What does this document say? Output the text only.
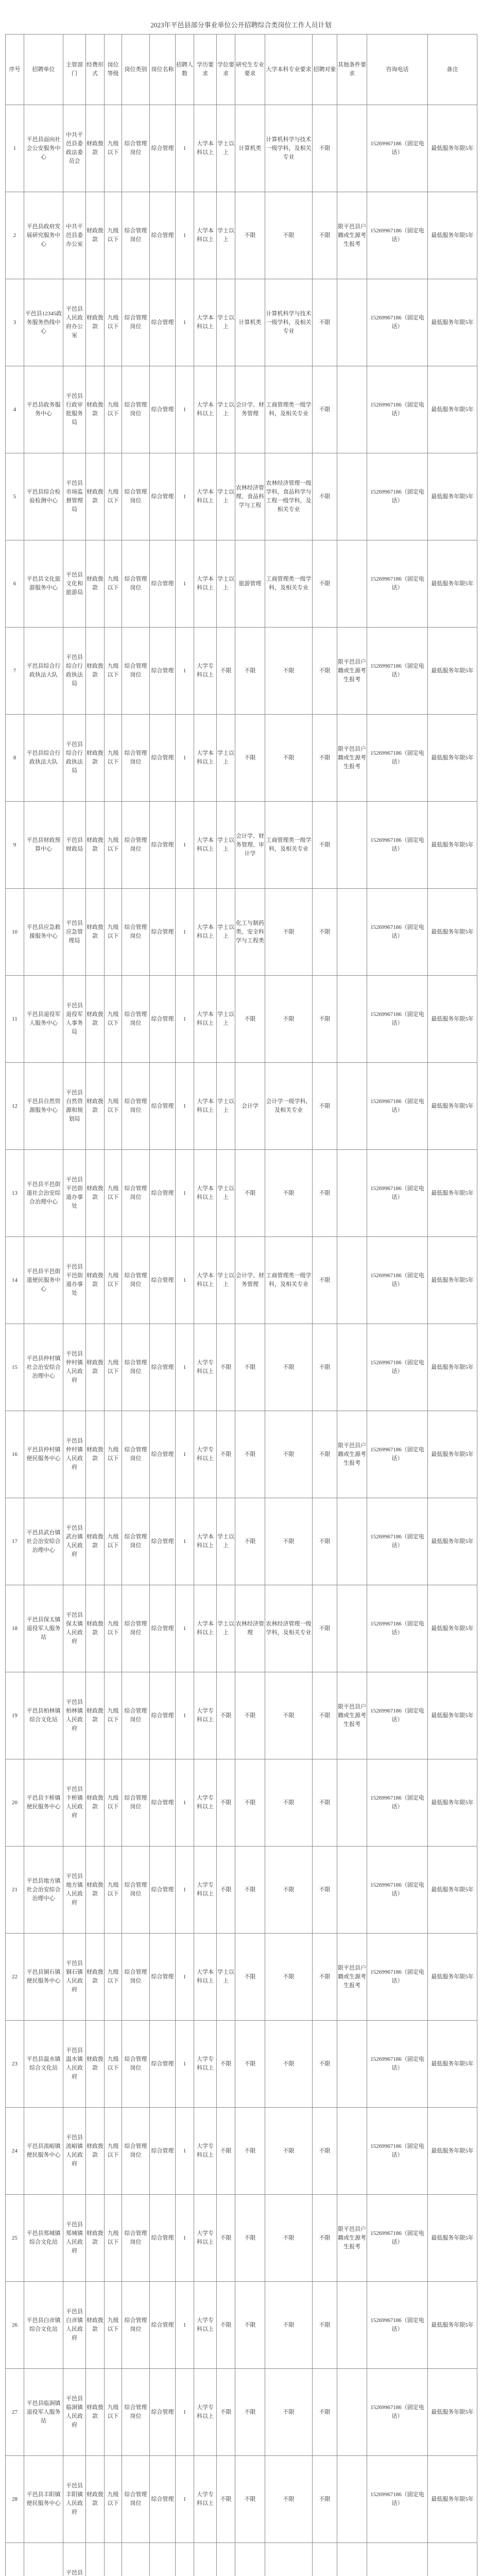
2023年平邑县部分事业单位公开招聘综合类岗位工作人员计划
序号	招聘单位	主管部门	经费形式	岗位等级	岗位类别	岗位名称	招聘人数	学历要求	学位要求	研究生专业要求	大学本科专业要求	招聘对象	其他条件要求	咨询电话	备注
1	平邑县面向社会公安服务中心	中共平邑县委政法委员会	财政拨款	九级以下	综合管理岗位	综合管理	1	大学本科以上	学士以上	计算机类	计算机科学与技术一级学科，及相关专业	不限		15269967186（固定电话）	最低服务年限5年
2	平邑县政府发展研究服务中心	中共平邑县委办公室	财政拨款	九级以下	综合管理岗位	综合管理	1	大学本科以上	学士以上	不限	不限	不限	限平邑县户籍或生源考生报考	15269967186（固定电话）	最低服务年限5年
3	平邑县12345政务服务热线中心	平邑县人民政府办公室	财政拨款	九级以下	综合管理岗位	综合管理	1	大学本科以上	学士以上	计算机类	计算机科学与技术一级学科，及相关专业	不限		15269967186（固定电话）	最低服务年限5年
4	平邑县政务服务中心	平邑县行政审批服务局	财政拨款	九级以下	综合管理岗位	综合管理	1	大学本科以上	学士以上	会计学、财务管理	工商管理类一级学科，及相关专业	不限		15269967186（固定电话）	最低服务年限5年
5	平邑县综合检验检测中心	平邑县市场监督管理局	财政拨款	九级以下	综合管理岗位	综合管理	1	大学本科以上	学士以上	农林经济管理、食品科学与工程	农林经济管理一级学科，食品科学与工程一级学科，及相关专业	不限		15269967186（固定电话）	最低服务年限5年
6	平邑县文化旅游服务中心	平邑县文化和旅游局	财政拨款	九级以下	综合管理岗位	综合管理	1	大学本科以上	学士以上	旅游管理	工商管理类一级学科，及相关专业	不限		15269967186（固定电话）	最低服务年限5年
7	平邑县综合行政执法大队	平邑县综合行政执法局	财政拨款	九级以下	综合管理岗位	综合管理	1	大学专科以上	不限	不限	不限	不限	限平邑县户籍或生源考生报考	15269967186（固定电话）	最低服务年限5年
8	平邑县综合行政执法大队	平邑县综合行政执法局	财政拨款	九级以下	综合管理岗位	综合管理	1	大学本科以上	学士以上	不限	不限	不限	限平邑县户籍或生源考生报考	15269967186（固定电话）	最低服务年限5年
9	平邑县财政预算中心	平邑县财政局	财政拨款	九级以下	综合管理岗位	综合管理	1	大学本科以上	学士以上	会计学、财务管理、审计学	工商管理类一级学科，及相关专业	不限		15269967186（固定电话）	最低服务年限5年
10	平邑县应急救援服务中心	平邑县应急管理局	财政拨款	九级以下	综合管理岗位	综合管理	1	大学本科以上	学士以上	化工与制药类、安全科学与工程类	不限	不限		15269967186（固定电话）	最低服务年限5年
11	平邑县退役军人服务中心	平邑县退役军人事务局	财政拨款	九级以下	综合管理岗位	综合管理	1	大学本科以上	学士以上	不限	不限	不限		15269967186（固定电话）	最低服务年限5年
12	平邑县自然资源服务中心	平邑县自然资源和规划局	财政拨款	九级以下	综合管理岗位	综合管理	1	大学本科以上	学士以上	会计学	会计学一级学科，及相关专业	不限		15269967186（固定电话）	最低服务年限5年
13	平邑县平邑街道社会治安综合治理中心	平邑县平邑街道办事处	财政拨款	九级以下	综合管理岗位	综合管理	1	大学本科以上	学士以上	不限	不限	不限		15269967186（固定电话）	最低服务年限5年
14	平邑县平邑街道便民服务中心	平邑县平邑街道办事处	财政拨款	九级以下	综合管理岗位	综合管理	1	大学本科以上	学士以上	会计学、财务管理	工商管理类一级学科，及相关专业	不限		15269967186（固定电话）	最低服务年限5年
15	平邑县仲村镇社会治安综合治理中心	平邑县仲村镇人民政府	财政拨款	九级以下	综合管理岗位	综合管理	1	大学专科以上	不限	不限	不限	不限		15269967186（固定电话）	最低服务年限5年
16	平邑县仲村镇便民服务中心	平邑县仲村镇人民政府	财政拨款	九级以下	综合管理岗位	综合管理	1	大学专科以上	不限	不限	不限	不限	限平邑县户籍或生源考生报考	15269967186（固定电话）	最低服务年限5年
17	平邑县武台镇社会治安综合治理中心	平邑县武台镇人民政府	财政拨款	九级以下	综合管理岗位	综合管理	1	大学本科以上	学士以上	不限	不限	不限		15269967186（固定电话）	最低服务年限5年
18	平邑县保太镇退役军人服务站	平邑县保太镇人民政府	财政拨款	九级以下	综合管理岗位	综合管理	1	大学本科以上	学士以上	农林经济管理	农林经济管理一级学科，及相关专业	不限		15269967186（固定电话）	最低服务年限5年
19	平邑县柏林镇综合文化站	平邑县柏林镇人民政府	财政拨款	九级以下	综合管理岗位	综合管理	1	大学专科以上	不限	不限	不限	不限	限平邑县户籍或生源考生报考	15269967186（固定电话）	最低服务年限5年
20	平邑县卞桥镇便民服务中心	平邑县卞桥镇人民政府	财政拨款	九级以下	综合管理岗位	综合管理	1	大学专科以上	不限	不限	不限	不限		15269967186（固定电话）	最低服务年限5年
21	平邑县地方镇社会治安综合治理中心	平邑县地方镇人民政府	财政拨款	九级以下	综合管理岗位	综合管理	1	大学专科以上	不限	不限	不限	不限		15269967186（固定电话）	最低服务年限5年
22	平邑县铜石镇便民服务中心	平邑县铜石镇人民政府	财政拨款	九级以下	综合管理岗位	综合管理	1	大学本科以上	学士以上	不限	不限	不限	限平邑县户籍或生源考生报考	15269967186（固定电话）	最低服务年限5年
23	平邑县温水镇综合文化站	平邑县温水镇人民政府	财政拨款	九级以下	综合管理岗位	综合管理	1	大学专科以上	不限	不限	不限	不限		15269967186（固定电话）	最低服务年限5年
24	平邑县流峪镇便民服务中心	平邑县流峪镇人民政府	财政拨款	九级以下	综合管理岗位	综合管理	1	大学专科以上	不限	不限	不限	不限		15269967186（固定电话）	最低服务年限5年
25	平邑县郑城镇综合文化站	平邑县郑城镇人民政府	财政拨款	九级以下	综合管理岗位	综合管理	1	大学专科以上	不限	不限	不限	不限	限平邑县户籍或生源考生报考	15269967186（固定电话）	最低服务年限5年
26	平邑县白彦镇综合文化站	平邑县白彦镇人民政府	财政拨款	九级以下	综合管理岗位	综合管理	1	大学专科以上	不限	不限	不限	不限		15269967186（固定电话）	最低服务年限5年
27	平邑县临涧镇退役军人服务站	平邑县临涧镇人民政府	财政拨款	九级以下	综合管理岗位	综合管理	1	大学专科以上	不限	不限	不限	不限		15269967186（固定电话）	最低服务年限5年
28	平邑县丰阳镇便民服务中心	平邑县丰阳镇人民政府	财政拨款	九级以下	综合管理岗位	综合管理	1	大学专科以上	不限	不限	不限	不限		15269967186（固定电话）	最低服务年限5年
		平邑县													
